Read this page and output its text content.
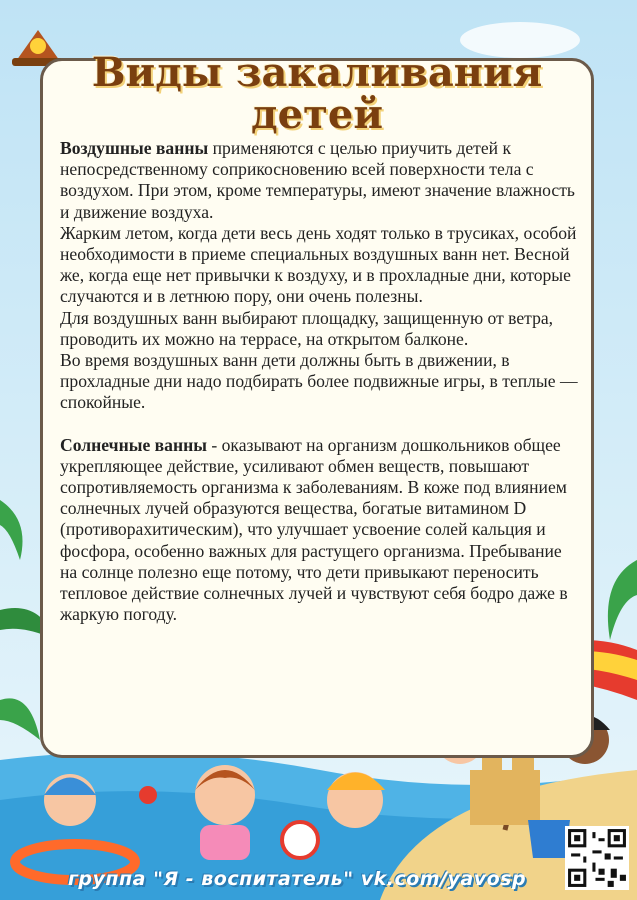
Виды закаливания
детей

Воздушные ванны применяются с целью приучить детей к непосредственному соприкосновению всей поверхности тела с воздухом. При этом, кроме температуры, имеют значение влажность и движение воздуха.

Жарким летом, когда дети весь день ходят только в трусиках, особой необходимости в приеме специальных воздушных ванн нет. Весной же, когда еще нет привычки к воздуху, и в прохладные дни, которые случаются и в летнюю пору, они очень полезны.

Для воздушных ванн выбирают площадку, защищенную от ветра, проводить их можно на террасе, на открытом балконе.

Во время воздушных ванн дети должны быть в движении, в прохладные дни надо подбирать более подвижные игры, в теплые — спокойные.

Солнечные ванны - оказывают на организм дошкольников общее укрепляющее действие, усиливают обмен веществ, повышают сопротивляемость организма к заболеваниям. В коже под влиянием солнечных лучей образуются вещества, богатые витамином D (противорахитическим), что улучшает усвоение солей кальция и фосфора, особенно важных для растущего организма. Пребывание на солнце полезно еще потому, что дети привыкают переносить тепловое действие солнечных лучей и чувствуют себя бодро даже в жаркую погоду.

группа "Я - воспитатель" vk.com/yavosp
